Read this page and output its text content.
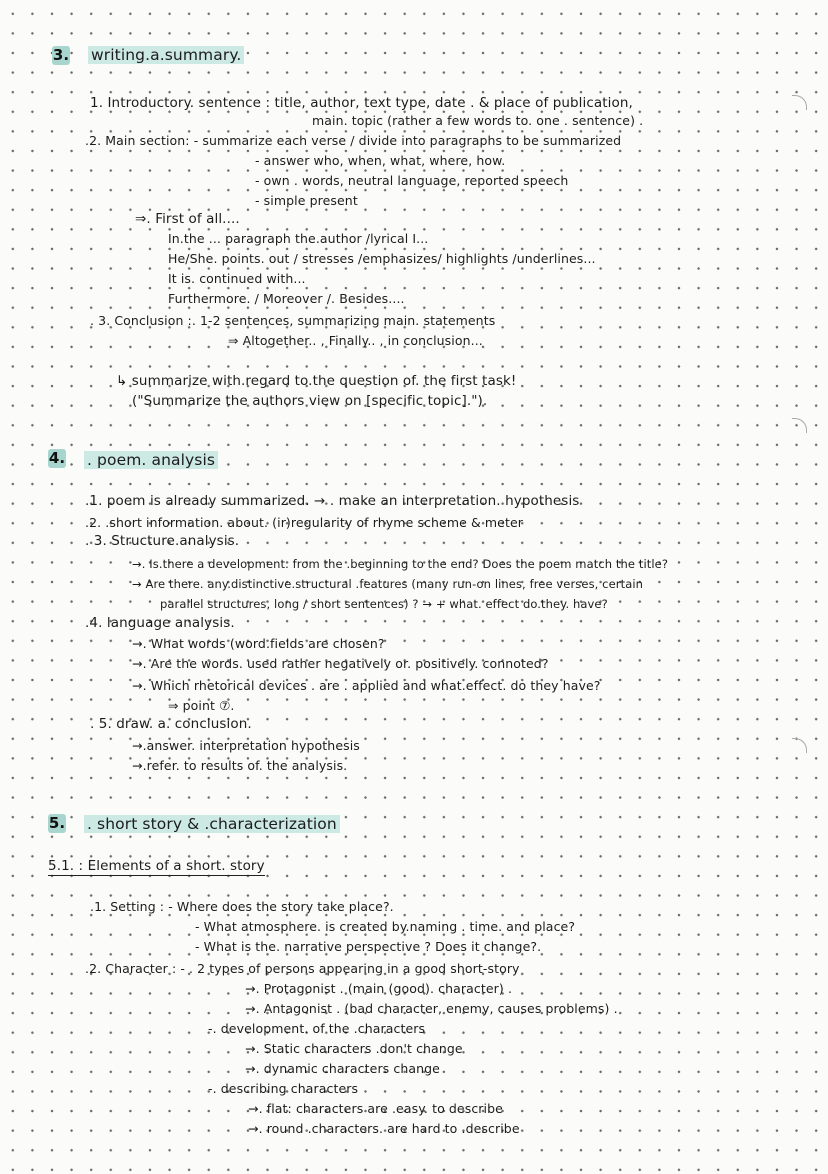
3. writing.a.summary.
1. Introductory. sentence : title, author, text type, date . & place of publication,
main. topic (rather a few words to. one . sentence) .
.2. Main section: - summarize each verse / divide into paragraphs to be summarized
- answer who, when, what, where, how.
- own . words, neutral language, reported speech
- simple present
⇒. First of all....
In.the ... paragraph the.author /lyrical I...
He/She. points. out / stresses /emphasizes/ highlights /underlines...
It is. continued with...
Furthermore. / Moreover /. Besides....
. 3. Conclusion :. 1-2 sentences, summarizing main. statements
⇒ Altogether.. , Finally.. , in conclusion...
↳ summarize with.regard to.the question of. the first task!
("Summarize the authors view on [specific topic].").
4. . poem. analysis
.1. poem is already summarized. → . make an interpretation. hypothesis
.2. .short information. about. (ir)regularity of rhyme scheme & meter
. 3. Structure.analysis.
→. Is.there a development. from the .beginning to the end? Does the poem match the title?
→ Are there. any.distinctive.structural .features (many run-on lines, free verses, certain
parallel structures, long / short sentences) ? → + what. effect do.they. have?
.4. language analysis.
→. What words (word.fields are chosen?
→. Are the words. used rather negatively or. positively. connoted?
→. Which rhetorical devices . are . applied and what.effect. do they have?
⇒ point ⑦.
. 5. draw. a. conclusion.
→.answer. interpretation hypothesis
→.refer. to results of. the analysis.
5. . short story & .characterization
5.1. : Elements of a short. story
.1. Setting : - Where does the story take place?.
- What atmosphere. is created by.naming . time. and place?
- What is the. narrative perspective ? Does it change?.
.2. Character : - . 2 types of persons appearing in a good short-story
→. Protagonist . (main (good). character) .
→. Antagonist . (bad character, enemy, causes problems) .
-. development. of the .characters
→. Static characters .don't change
→. dynamic characters change
-. describing characters
→. flat: characters are .easy. to describe
→. round .characters. are hard to .describe
